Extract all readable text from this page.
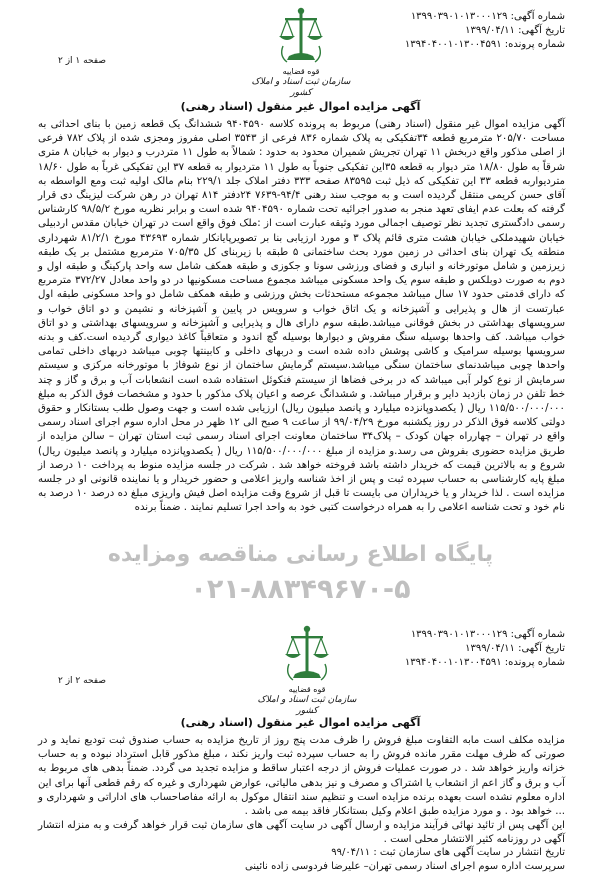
شماره آگهی: ۱۳۹۹۰۳۹۰۱۰۱۳۰۰۰۱۲۹
تاریخ آگهی: ۱۳۹۹/۰۴/۱۱
شماره پرونده: ۱۳۹۴۰۴۰۰۱۰۱۳۰۰۴۵۹۱
قوه قضاییه
سازمان ثبت اسناد و املاک کشور
صفحه ۱ از ۲
آگهی مزایده اموال غیر منقول (اسناد رهنی)
آگهی مزایده اموال غیر منقول (اسناد رهنی) مربوط به پرونده کلاسه ۹۴۰۴۵۹۰ ششدانگ یک قطعه زمین با بنای احداثی به مساحت ۲۰۵/۷۰ مترمربع قطعه ۳۴تفکیکی به پلاک شماره ۸۳۶ فرعی از ۳۵۴۳ اصلی مفروز ومجزی شده از پلاک ۷۸۲ فرعی از اصلی مذکور واقع دربخش ۱۱ تهران تجریش شمیران محدود به حدود : شمالاً به طول ۱۱ متردرب و دیوار به خیابان ۸ متری شرقاً به طول ۱۸/۸۰ متر دیوار به قطعه ۳۵این تفکیکی جنوباً به طول ۱۱ متردیوار به قطعه ۳۷ این تفکیکی غرباً به طول ۱۸/۶۰ متردیواربه قطعه ۳۳ این تفکیکی که ذیل ثبت ۸۳۵۹۵ صفحه ۳۳۳ دفتر املاک جلد ۲۲۹/۱ بنام مالک اولیه ثبت ومع الواسطه به آقای حسن کریمی منتقل گردیده است و به موجب سند رهنی ۹۴/۴-۷۶۳۹ ۲۴دفتر ۸۱۴ تهران در رهن شرکت لیزینگ دی قرار گرفته که بعلت عدم ایفای تعهد منجر به صدور اجرائیه تحت شماره ۹۴۰۴۵۹۰ شده است و برابر نظریه مورخ ۹۸/۵/۲ کارشناس رسمی دادگستری تجدید نظر توصیف اجمالی مورد وثیقه عبارت است از :ملک فوق واقع است در تهران خیابان مقدس اردبیلی خیابان شهیدملکی خیابان هشت متری قائم پلاک ۳ و مورد ارزیابی بنا بر تصویرپایانکار شماره ۴۳۶۹۳ مورخ ۸۱/۲/۱ شهرداری منطقه یک تهران بنای احداثی در زمین مورد بحث ساختمانی ۵ طبقه با زیربنای کل ۷۰۵/۳۵ مترمربع مشتمل بر یک طبقه زیرزمین و شامل موتورخانه و انباری و فضای ورزشی سونا و جکوزی و طبقه همکف شامل سه واحد پارکینگ و طبقه اول و دوم به صورت دوبلکس و طبقه سوم یک واحد مسکونی میباشد مجموع مساحت مسکونیها در دو واحد معادل ۳۷۲/۲۷ مترمربع که دارای قدمتی حدود ۱۷ سال میباشد مجموعه مستحدثات بخش ورزشی و طبقه همکف شامل دو واحد مسکونی طبقه اول عبارتست از هال و پذیرایی و آشپزخانه و یک اتاق خواب و سرویس در پایین و آشپزخانه و نشیمن و دو اتاق خواب و سرویسهای بهداشتی در بخش فوقانی میباشد.طبقه سوم دارای هال و پذیرایی و آشپزخانه و سرویسهای بهداشتی و دو اتاق خواب میباشد. کف واحدها بوسیله سنگ مفروش و دیوارها بوسیله گچ اندود و متعاقباً کاغذ دیواری گردیده است.کف و بدنه سرویسها بوسیله سرامیک و کاشی پوشش داده شده است و دربهای داخلی و کابینتها چوبی میباشد دربهای داخلی تمامی واحدها چوبی میباشدنمای ساختمان سنگی میباشد.سیستم گرمایش ساختمان از نوع شوفاژ با موتورخانه مرکزی و سیستم سرمایش از نوع کولر آبی میباشد که در برخی فضاها از سیستم فنکوئل استفاده شده است انشعابات آب و برق و گاز و چند خط تلفن در زمان بازدید دایر و برقرار میباشد. و ششدانگ عرصه و اعیان پلاک مذکور با حدود و مشخصات فوق الذکر به مبلغ ۱۱۵/۵۰۰/۰۰۰/۰۰۰ ریال ( یکصدوپانزده میلیارد و پانصد میلیون ریال) ارزیابی شده است و جهت وصول طلب بستانکار و حقوق دولتی کلاسه فوق الذکر در روز یکشنبه مورخ ۹۹/۰۴/۲۹ از ساعت ۹ صبح الی ۱۲ ظهر در محل اداره سوم اجرای اسناد رسمی واقع در تهران – چهارراه جهان کودک – پلاک۳۴ ساختمان معاونت اجرای اسناد رسمی ثبت استان تهران – سالن مزایده از طریق مزایده حضوری بفروش می رسد.و مزایده از مبلغ ۱۱۵/۵۰۰/۰۰۰/۰۰۰ ریال ( یکصدوپانزده میلیارد و پانصد میلیون ریال) شروع و به بالاترین قیمت که خریدار داشته باشد فروخته خواهد شد . شرکت در جلسه مزایده منوط به پرداخت ۱۰ درصد از مبلغ پایه کارشناسی به حساب سپرده ثبت و پس از اخذ شناسه واریز اعلامی و حضور خریدار و یا نماینده قانونی او در جلسه مزایده است . لذا خریدار و یا خریداران می بایست تا قبل از شروع وقت مزایده اصل فیش واریزی مبلغ ده درصد ۱۰ درصد به نام خود و تحت شناسه اعلامی را به همراه درخواست کتبی خود به واحد اجرا تسلیم نمایند . ضمناً برنده
پایگاه اطلاع رسانی مناقصه ومزایده
۰۲۱-۸۸۳۴۹۶۷۰-۵
شماره آگهی: ۱۳۹۹۰۳۹۰۱۰۱۳۰۰۰۱۲۹
تاریخ آگهی: ۱۳۹۹/۰۴/۱۱
شماره پرونده: ۱۳۹۴۰۴۰۰۱۰۱۳۰۰۴۵۹۱
قوه قضاییه
سازمان ثبت اسناد و املاک کشور
صفحه ۲ از ۲
آگهی مزایده اموال غیر منقول (اسناد رهنی)
مزایده مکلف است مابه التفاوت مبلغ فروش را ظرف مدت پنج روز از تاریخ مزایده به حساب صندوق ثبت تودیع نماید و در صورتی که ظرف مهلت مقرر مانده فروش را به حساب سپرده ثبت واریز نکند ، مبلغ مذکور قابل استرداد نبوده و به حساب خزانه واریز خواهد شد . در صورت عملیات فروش از درجه اعتبار ساقط و مزایده تجدید می گردد. ضمناً بدهی های مربوط به آب و برق و گاز اعم از انشعاب یا اشتراک و مصرف و نیز بدهی مالیاتی، عوارض شهرداری و غیره که رقم قطعی آنها برای این اداره معلوم نشده است بعهده برنده مزایده است و تنظیم سند انتقال موکول به ارائه مفاصاحساب های اداراتی و شهرداری و ... خواهد بود . و مورد مزایده طبق اعلام وکیل بستانکار فاقد بیمه می باشد .
این آگهی پس از تائید نهائی فرآیند مزایده و ارسال آگهی در سایت آگهی های سازمان ثبت قرار خواهد گرفت و به منزله انتشار آگهی در روزنامه کثیر الانتشار محلی است .
تاریخ انتشار در سایت آگهی های سازمان ثبت : ۹۹/۰۴/۱۱
سرپرست اداره سوم اجرای اسناد رسمی تهران– علیرضا فردوسی زاده نائینی
